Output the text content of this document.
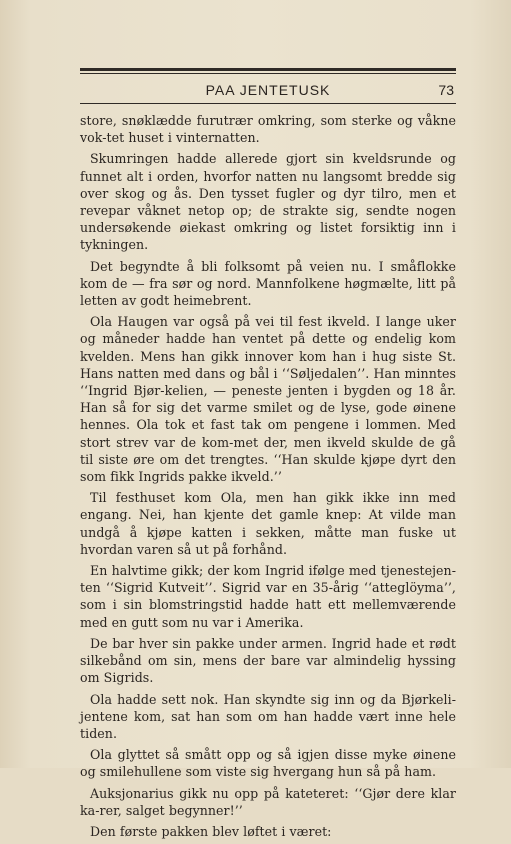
PAA JENTETUSK	73

store, snøklædde furutrær omkring, som sterke og våkne vok-tet huset i vinternatten.

Skumringen hadde allerede gjort sin kveldsrunde og funnet alt i orden, hvorfor natten nu langsomt bredde sig over skog og ås. Den tysset fugler og dyr tilro, men et revepar våknet netop op; de strakte sig, sendte nogen undersøkende øiekast omkring og listet forsiktig inn i tykningen.

Det begyndte å bli folksomt på veien nu. I småflokke kom de — fra sør og nord. Mannfolkene høgmælte, litt på letten av godt heimebrent.

Ola Haugen var også på vei til fest ikveld. I lange uker og måneder hadde han ventet på dette og endelig kom kvelden. Mens han gikk innover kom han i hug siste St. Hans natten med dans og bål i ‘‘Søljedalen’’. Han minntes ‘‘Ingrid Bjør-kelien, — peneste jenten i bygden og 18 år. Han så for sig det varme smilet og de lyse, gode øinene hennes. Ola tok et fast tak om pengene i lommen. Med stort strev var de kom-met der, men ikveld skulde de gå til siste øre om det trengtes. ‘‘Han skulde kjøpe dyrt den som fikk Ingrids pakke ikveld.’’

Til festhuset kom Ola, men han gikk ikke inn med engang. Nei, han kjente det gamle knep: At vilde man undgå å kjøpe katten i sekken, måtte man fuske ut hvordan varen så ut på forhånd.

En halvtime gikk; der kom Ingrid ifølge med tjenestejen-ten ‘‘Sigrid Kutveit’’. Sigrid var en 35-årig ‘‘atteglöyma’’, som i sin blomstringstid hadde hatt ett mellemværende med en gutt som nu var i Amerika.

De bar hver sin pakke under armen. Ingrid hade et rødt silkebånd om sin, mens der bare var almindelig hyssing om Sigrids.

Ola hadde sett nok. Han skyndte sig inn og da Bjørkeli-jentene kom, sat han som om han hadde vært inne hele tiden.

Ola glyttet så smått opp og så igjen disse myke øinene og smilehullene som viste sig hvergang hun så på ham.

Auksjonarius gikk nu opp på kateteret: ‘‘Gjør dere klar ka-rer, salget begynner!’’

Den første pakken blev løftet i været:
